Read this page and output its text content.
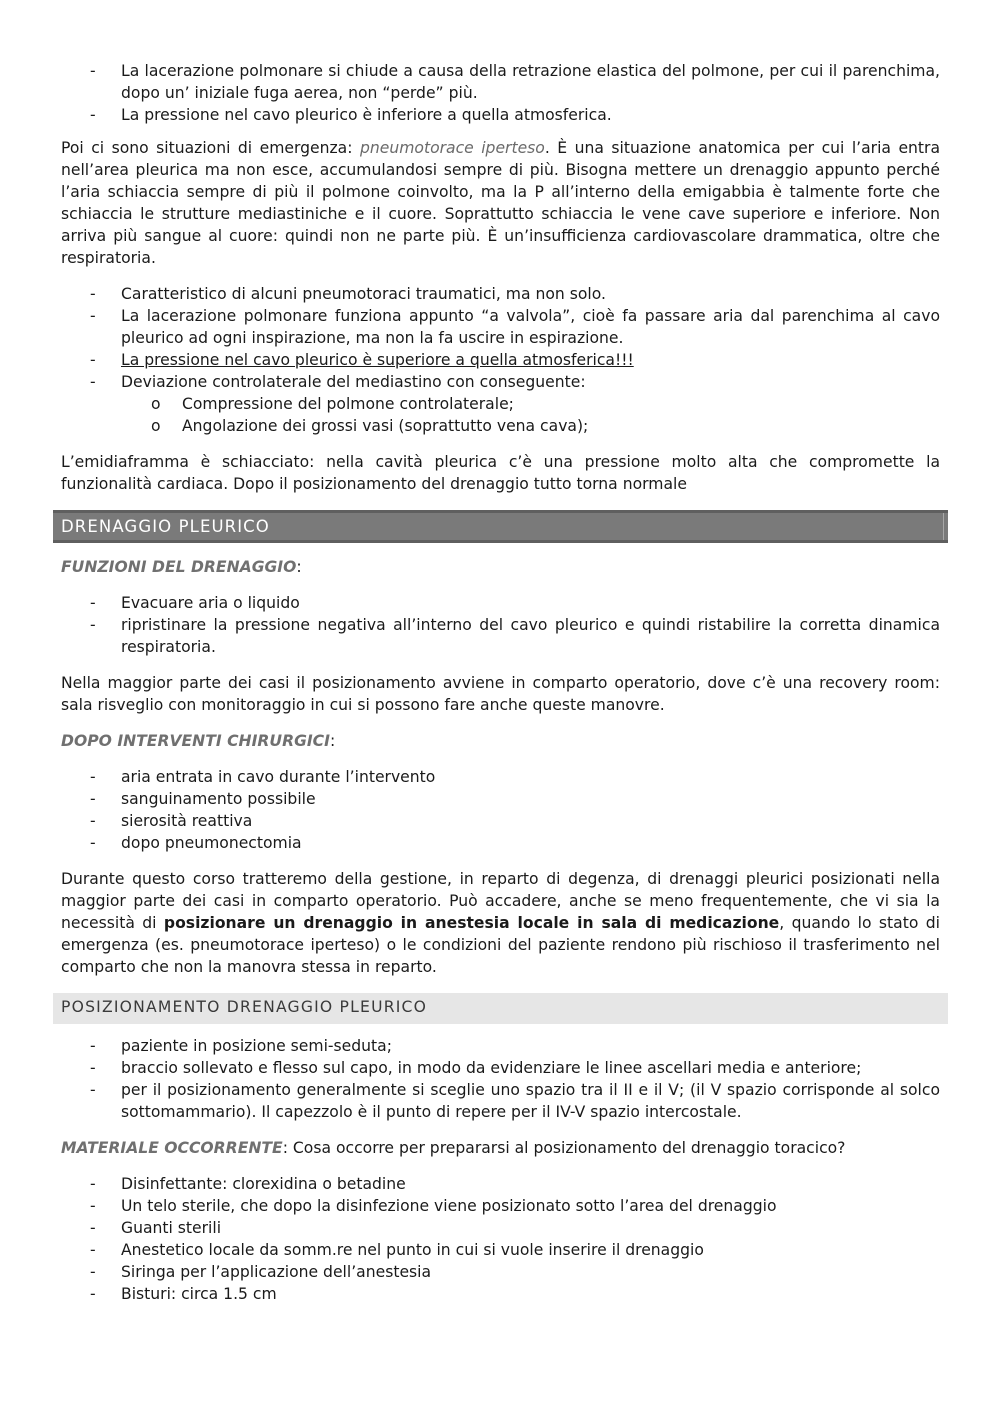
- La lacerazione polmonare si chiude a causa della retrazione elastica del polmone, per cui il parenchima, dopo un’ iniziale fuga aerea, non “perde” più.
- La pressione nel cavo pleurico è inferiore a quella atmosferica.

Poi ci sono situazioni di emergenza: pneumotorace iperteso. È una situazione anatomica per cui l’aria entra nell’area pleurica ma non esce, accumulandosi sempre di più. Bisogna mettere un drenaggio appunto perché l’aria schiaccia sempre di più il polmone coinvolto, ma la P all’interno della emigabbia è talmente forte che schiaccia le strutture mediastiniche e il cuore. Soprattutto schiaccia le vene cave superiore e inferiore. Non arriva più sangue al cuore: quindi non ne parte più. È un’insufficienza cardiovascolare drammatica, oltre che respiratoria.

- Caratteristico di alcuni pneumotoraci traumatici, ma non solo.
- La lacerazione polmonare funziona appunto “a valvola”, cioè fa passare aria dal parenchima al cavo pleurico ad ogni inspirazione, ma non la fa uscire in espirazione.
- La pressione nel cavo pleurico è superiore a quella atmosferica!!!
- Deviazione controlaterale del mediastino con conseguente:
o Compressione del polmone controlaterale;
o Angolazione dei grossi vasi (soprattutto vena cava);

L’emidiaframma è schiacciato: nella cavità pleurica c’è una pressione molto alta che compromette la funzionalità cardiaca. Dopo il posizionamento del drenaggio tutto torna normale

DRENAGGIO PLEURICO

FUNZIONI DEL DRENAGGIO:

- Evacuare aria o liquido
- ripristinare la pressione negativa all’interno del cavo pleurico e quindi ristabilire la corretta dinamica respiratoria.

Nella maggior parte dei casi il posizionamento avviene in comparto operatorio, dove c’è una recovery room: sala risveglio con monitoraggio in cui si possono fare anche queste manovre.

DOPO INTERVENTI CHIRURGICI:

- aria entrata in cavo durante l’intervento
- sanguinamento possibile
- sierosità reattiva
- dopo pneumonectomia

Durante questo corso tratteremo della gestione, in reparto di degenza, di drenaggi pleurici posizionati nella maggior parte dei casi in comparto operatorio. Può accadere, anche se meno frequentemente, che vi sia la necessità di posizionare un drenaggio in anestesia locale in sala di medicazione, quando lo stato di emergenza (es. pneumotorace iperteso) o le condizioni del paziente rendono più rischioso il trasferimento nel comparto che non la manovra stessa in reparto.

POSIZIONAMENTO DRENAGGIO PLEURICO
- paziente in posizione semi-seduta;
- braccio sollevato e flesso sul capo, in modo da evidenziare le linee ascellari media e anteriore;
- per il posizionamento generalmente si sceglie uno spazio tra il II e il V; (il V spazio corrisponde al solco sottomammario). Il capezzolo è il punto di repere per il IV-V spazio intercostale.

MATERIALE OCCORRENTE: Cosa occorre per prepararsi al posizionamento del drenaggio toracico?

- Disinfettante: clorexidina o betadine
- Un telo sterile, che dopo la disinfezione viene posizionato sotto l’area del drenaggio
- Guanti sterili
- Anestetico locale da somm.re nel punto in cui si vuole inserire il drenaggio
- Siringa per l’applicazione dell’anestesia
- Bisturi: circa 1.5 cm
